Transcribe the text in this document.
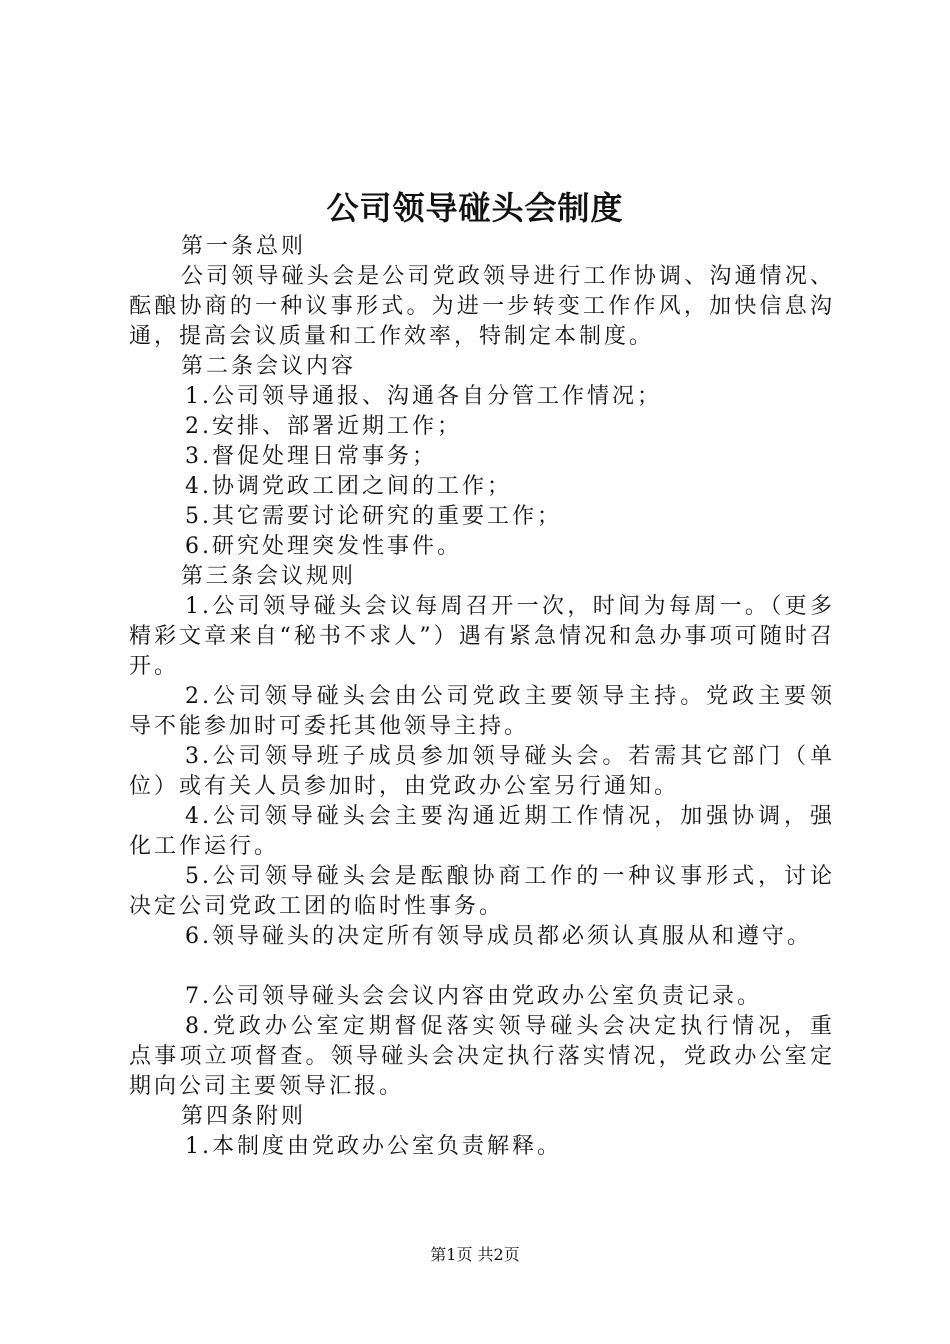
公司领导碰头会制度

第一条总则

公司领导碰头会是公司党政领导进行工作协调、沟通情况、酝酿协商的一种议事形式。为进一步转变工作作风，加快信息沟通，提高会议质量和工作效率，特制定本制度。

第二条会议内容

1.公司领导通报、沟通各自分管工作情况；

2.安排、部署近期工作；

3.督促处理日常事务；

4.协调党政工团之间的工作；

5.其它需要讨论研究的重要工作；

6.研究处理突发性事件。

第三条会议规则

1.公司领导碰头会议每周召开一次，时间为每周一。（更多精彩文章来自“秘书不求人”）遇有紧急情况和急办事项可随时召开。

2.公司领导碰头会由公司党政主要领导主持。党政主要领导不能参加时可委托其他领导主持。

3.公司领导班子成员参加领导碰头会。若需其它部门（单位）或有关人员参加时，由党政办公室另行通知。

4.公司领导碰头会主要沟通近期工作情况，加强协调，强化工作运行。

5.公司领导碰头会是酝酿协商工作的一种议事形式，讨论决定公司党政工团的临时性事务。

6.领导碰头的决定所有领导成员都必须认真服从和遵守。

7.公司领导碰头会会议内容由党政办公室负责记录。

8.党政办公室定期督促落实领导碰头会决定执行情况，重点事项立项督查。领导碰头会决定执行落实情况，党政办公室定期向公司主要领导汇报。

第四条附则

1.本制度由党政办公室负责解释。

第1页 共2页
